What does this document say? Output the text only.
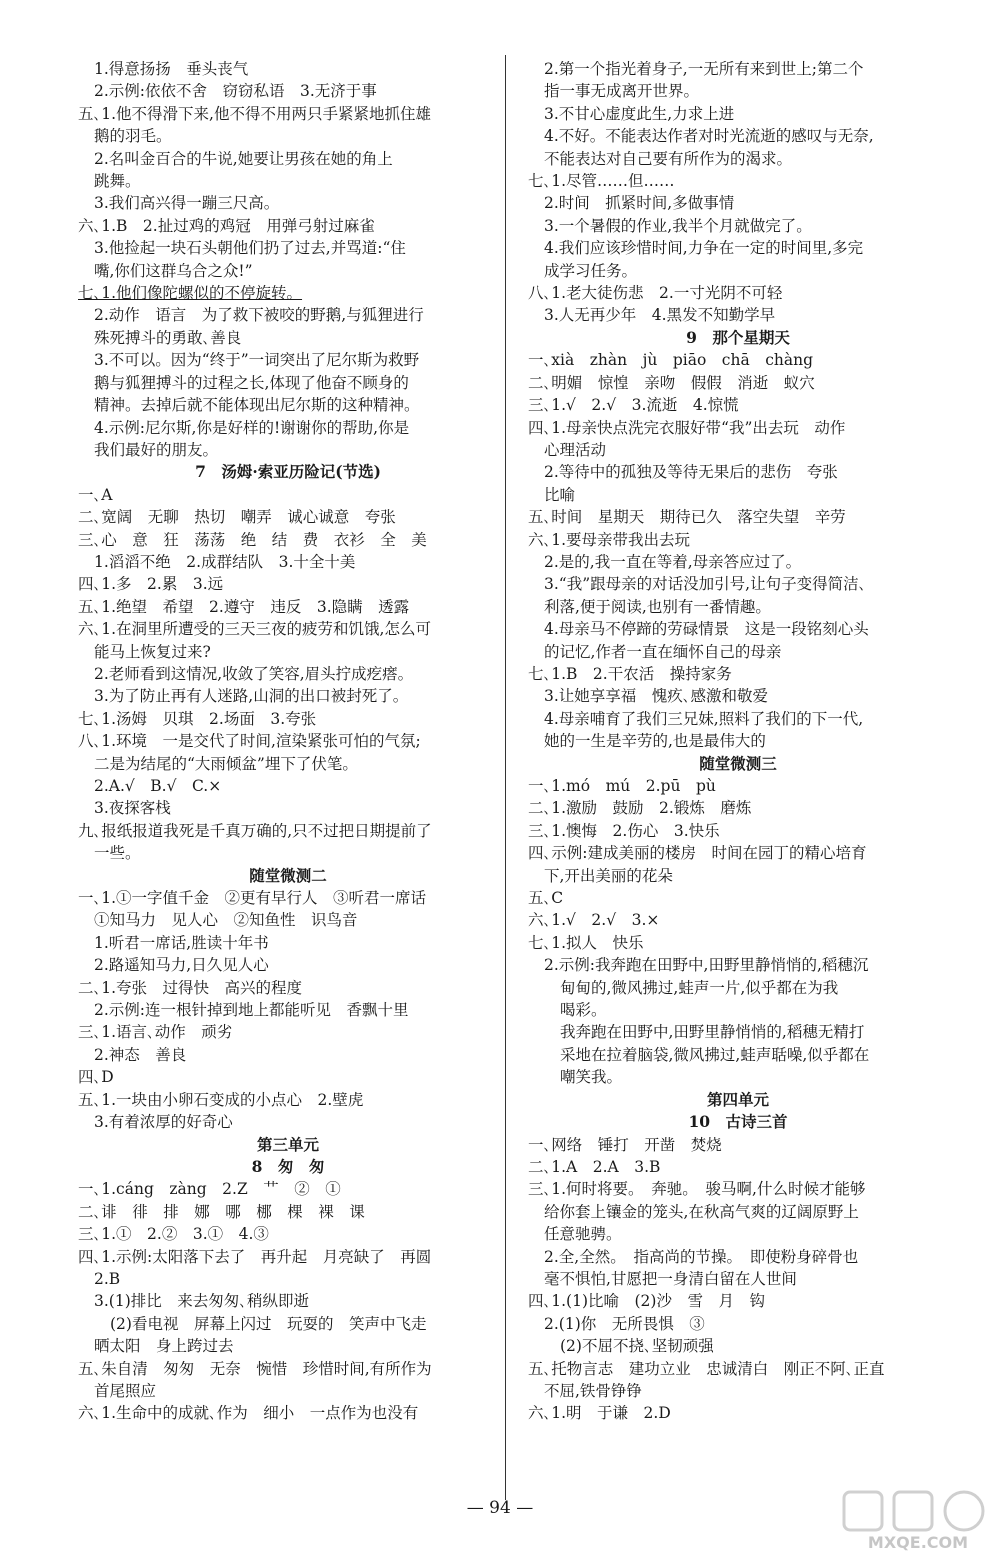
1.得意扬扬　垂头丧气
2.示例:依依不舍　窃窃私语　3.无济于事
五､1.他不得滑下来,他不得不用两只手紧紧地抓住雄
鹅的羽毛。
2.名叫金百合的牛说,她要让男孩在她的角上
跳舞。
3.我们高兴得一蹦三尺高。
六､1.B　2.扯过鸡的鸡冠　用弹弓射过麻雀
3.他捡起一块石头朝他们扔了过去,并骂道:“住
嘴,你们这群乌合之众!”
七､1.他们像陀螺似的不停旋转。
2.动作　语言　为了救下被咬的野鹅,与狐狸进行
殊死搏斗的勇敢､善良
3.不可以。因为“终于”一词突出了尼尔斯为救野
鹅与狐狸搏斗的过程之长,体现了他奋不顾身的
精神。去掉后就不能体现出尼尔斯的这种精神。
4.示例:尼尔斯,你是好样的!谢谢你的帮助,你是
我们最好的朋友。
7　汤姆·索亚历险记(节选)
一､A
二､宽阔　无聊　热切　嘲弄　诚心诚意　夸张
三､心　意　狂　荡荡　绝　结　费　衣衫　全　美
1.滔滔不绝　2.成群结队　3.十全十美
四､1.多　2.累　3.远
五､1.绝望　希望　2.遵守　违反　3.隐瞒　透露
六､1.在洞里所遭受的三天三夜的疲劳和饥饿,怎么可
能马上恢复过来?
2.老师看到这情况,收敛了笑容,眉头拧成疙瘩。
3.为了防止再有人迷路,山洞的出口被封死了。
七､1.汤姆　贝琪　2.场面　3.夸张
八､1.环境　一是交代了时间,渲染紧张可怕的气氛;
二是为结尾的“大雨倾盆”埋下了伏笔。
2.A.√　B.√　C.×
3.夜探客栈
九､报纸报道我死是千真万确的,只不过把日期提前了
一些。
随堂微测二
一､1.①一字值千金　②更有早行人　③听君一席话
①知马力　见人心　②知鱼性　识鸟音
1.听君一席话,胜读十年书
2.路遥知马力,日久见人心
二､1.夸张　过得快　高兴的程度
2.示例:连一根针掉到地上都能听见　香飘十里
三､1.语言､动作　顽劣
2.神态　善良
四､D
五､1.一块由小卵石变成的小点心　2.壁虎
3.有着浓厚的好奇心
第三单元
8　匆　匆
一､1.cáng　zàng　2.Z　艹　②　①
二､诽　徘　排　娜　哪　梛　棵　裸　课
三､1.①　2.②　3.①　4.③
四､1.示例:太阳落下去了　再升起　月亮缺了　再圆
2.B
3.(1)排比　来去匆匆､稍纵即逝
(2)看电视　屏幕上闪过　玩耍的　笑声中飞走
晒太阳　身上跨过去
五､朱自清　匆匆　无奈　惋惜　珍惜时间,有所作为
首尾照应
六､1.生命中的成就､作为　细小　一点作为也没有
2.第一个指光着身子,一无所有来到世上;第二个
指一事无成离开世界。
3.不甘心虚度此生,力求上进
4.不好。不能表达作者对时光流逝的感叹与无奈,
不能表达对自己要有所作为的渴求。
七､1.尽管……但……
2.时间　抓紧时间,多做事情
3.一个暑假的作业,我半个月就做完了。
4.我们应该珍惜时间,力争在一定的时间里,多完
成学习任务。
八､1.老大徒伤悲　2.一寸光阴不可轻
3.人无再少年　4.黑发不知勤学早
9　那个星期天
一､xià　zhàn　jù　piāo　chā　chàng
二､明媚　惊惶　亲吻　假假　消逝　蚁穴
三､1.√　2.√　3.流逝　4.惊慌
四､1.母亲快点洗完衣服好带“我”出去玩　动作
心理活动
2.等待中的孤独及等待无果后的悲伤　夸张
比喻
五､时间　星期天　期待已久　落空失望　辛劳
六､1.要母亲带我出去玩
2.是的,我一直在等着,母亲答应过了。
3.“我”跟母亲的对话没加引号,让句子变得简洁､
利落,便于阅读,也别有一番情趣。
4.母亲马不停蹄的劳碌情景　这是一段铭刻心头
的记忆,作者一直在缅怀自己的母亲
七､1.B　2.干农活　操持家务
3.让她享享福　愧疚､感激和敬爱
4.母亲哺育了我们三兄妹,照料了我们的下一代,
她的一生是辛劳的,也是最伟大的
随堂微测三
一､1.mó　mú　2.pū　pù
二､1.激励　鼓励　2.锻炼　磨炼
三､1.懊悔　2.伤心　3.快乐
四､示例:建成美丽的楼房　时间在园丁的精心培育
下,开出美丽的花朵
五､C
六､1.√　2.√　3.×
七､1.拟人　快乐
2.示例:我奔跑在田野中,田野里静悄悄的,稻穗沉
甸甸的,微风拂过,蛙声一片,似乎都在为我
喝彩。
我奔跑在田野中,田野里静悄悄的,稻穗无精打
采地在拉着脑袋,微风拂过,蛙声聒噪,似乎都在
嘲笑我。
第四单元
10　古诗三首
一､网络　锤打　开凿　焚烧
二､1.A　2.A　3.B
三､1.何时将要。　奔驰。　骏马啊,什么时候才能够
给你套上镶金的笼头,在秋高气爽的辽阔原野上
任意驰骋。
2.全,全然。　指高尚的节操。　即使粉身碎骨也
毫不惧怕,甘愿把一身清白留在人世间
四､1.(1)比喻　(2)沙　雪　月　钩
2.(1)你　无所畏惧　③
(2)不屈不挠､坚韧顽强
五､托物言志　建功立业　忠诚清白　刚正不阿､正直
不屈,铁骨铮铮
六､1.明　于谦　2.D
— 94 —
MXQE.COM
